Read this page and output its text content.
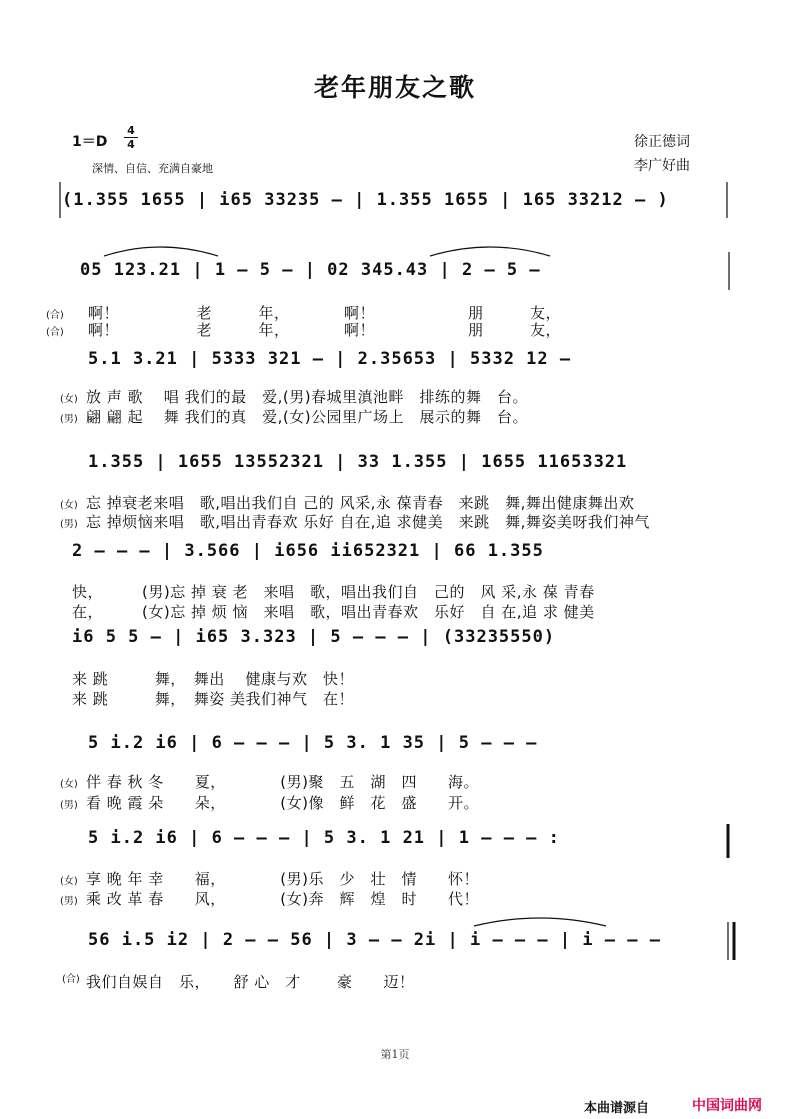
老年朋友之歌
1＝D
4
4
深情、自信、充满自豪地
徐正德词
李广好曲
(1.355 1655 | i65 33235 – | 1.355 1655 | 165 33212 – )
05 123.21 | 1 – 5 – | 02 345.43 | 2 – 5 –
(合) 啊！　　　　　老　　　年，　　　　啊！　　　　　　朋　　　友，
(合) 啊！　　　　　老　　　年，　　　　啊！　　　　　　朋　　　友，
5.1 3.21 | 5333 321 – | 2.35653 | 5332 12 –
(女) 放 声 歌　 唱 我们的最　爱,(男)春城里滇池畔　排练的舞　台。
(男) 翩 翩 起　 舞 我们的真　爱,(女)公园里广场上　展示的舞　台。
1.355 | 1655 13552321 | 33 1.355 | 1655 11653321
(女) 忘 掉衰老来唱　歌,唱出我们自 己的 风采,永 葆青春　来跳　舞,舞出健康舞出欢
(男) 忘 掉烦恼来唱　歌,唱出青春欢 乐好 自在,追 求健美　来跳　舞,舞姿美呀我们神气
2 – – – | 3.566 | i656 ii652321 | 66 1.355
快，　　　(男)忘 掉 衰 老　来唱　歌，唱出我们自　己的　风 采,永 葆 青春
在，　　　(女)忘 掉 烦 恼　来唱　歌，唱出青春欢　乐好　自 在,追 求 健美
i6 5 5 – | i65 3.323 | 5 – – – | (33235550)
来 跳　　　舞，　舞出　 健康与欢　快！
来 跳　　　舞，　舞姿 美我们神气　在！
5 i.2 i6 | 6 – – – | 5 3. 1 35 | 5 – – –
(女) 伴 春 秋 冬　　夏，　　　　(男)聚　五　湖　四　　海。
(男) 看 晚 霞 朵　　朵，　　　　(女)像　鲜　花　盛　　开。
5 i.2 i6 | 6 – – – | 5 3. 1 21 | 1 – – – :
(女) 享 晚 年 幸　　福，　　　　(男)乐　少　壮　情　　怀！
(男) 乘 改 革 春　　风，　　　　(女)奔　辉　煌　时　　代！
56 i.5 i2 | 2 – – 56 | 3 – – 2i | i – – – | i – – –
(合) 我们自娱自　乐，　　舒 心　才　　 豪　　迈！
第1页
本曲谱源自	中国词曲网
